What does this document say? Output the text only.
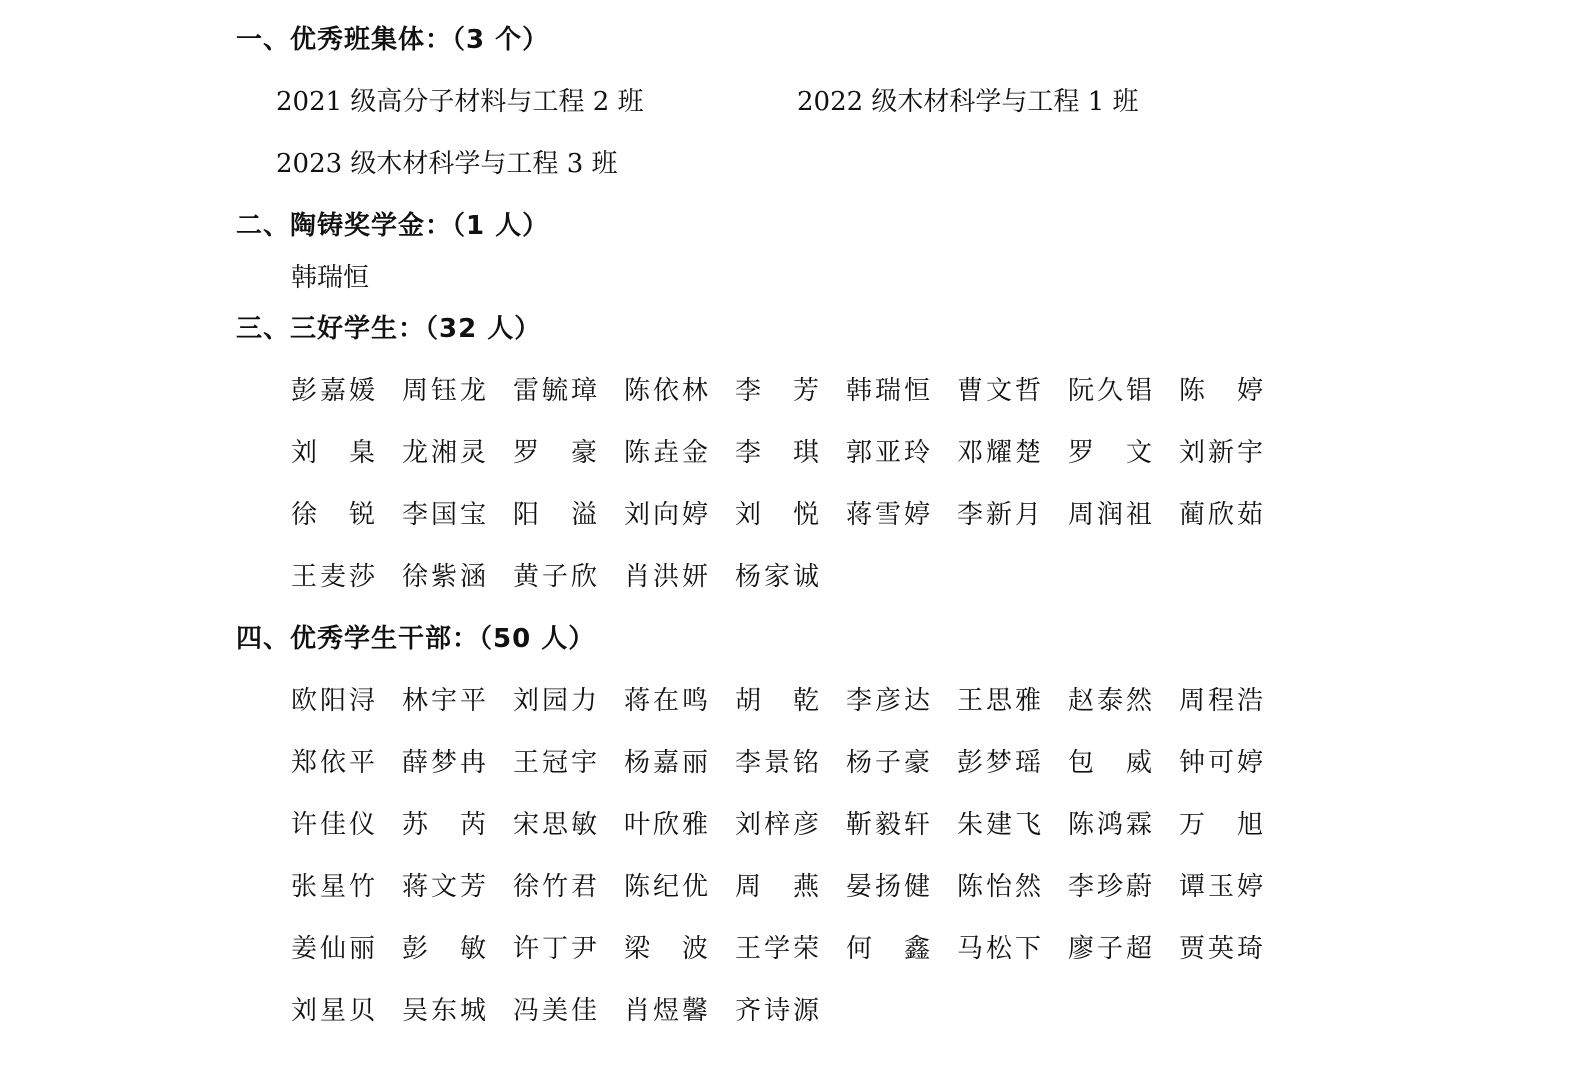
一、优秀班集体：（3 个）
2021 级高分子材料与工程 2 班	2022 级木材科学与工程 1 班
2023 级木材科学与工程 3 班
二、陶铸奖学金：（1 人）
韩瑞恒
三、三好学生：（32 人）
彭嘉媛 周钰龙 雷毓璋 陈依林 李芳 韩瑞恒 曹文哲 阮久锠 陈婷
刘臬 龙湘灵 罗豪 陈垚金 李琪 郭亚玲 邓耀楚 罗文 刘新宇
徐锐 李国宝 阳溢 刘向婷 刘悦 蒋雪婷 李新月 周润祖 蔺欣茹
王麦莎 徐紫涵 黄子欣 肖洪妍 杨家诚
四、优秀学生干部：（50 人）
欧阳浔 林宇平 刘园力 蒋在鸣 胡乾 李彦达 王思雅 赵泰然 周程浩
郑依平 薛梦冉 王冠宇 杨嘉丽 李景铭 杨子豪 彭梦瑶 包威 钟可婷
许佳仪 苏芮 宋思敏 叶欣雅 刘梓彦 靳毅轩 朱建飞 陈鸿霖 万旭
张星竹 蒋文芳 徐竹君 陈纪优 周燕 晏扬健 陈怡然 李珍蔚 谭玉婷
姜仙丽 彭敏 许丁尹 梁波 王学荣 何鑫 马松下 廖子超 贾英琦
刘星贝 吴东城 冯美佳 肖煜馨 齐诗源
